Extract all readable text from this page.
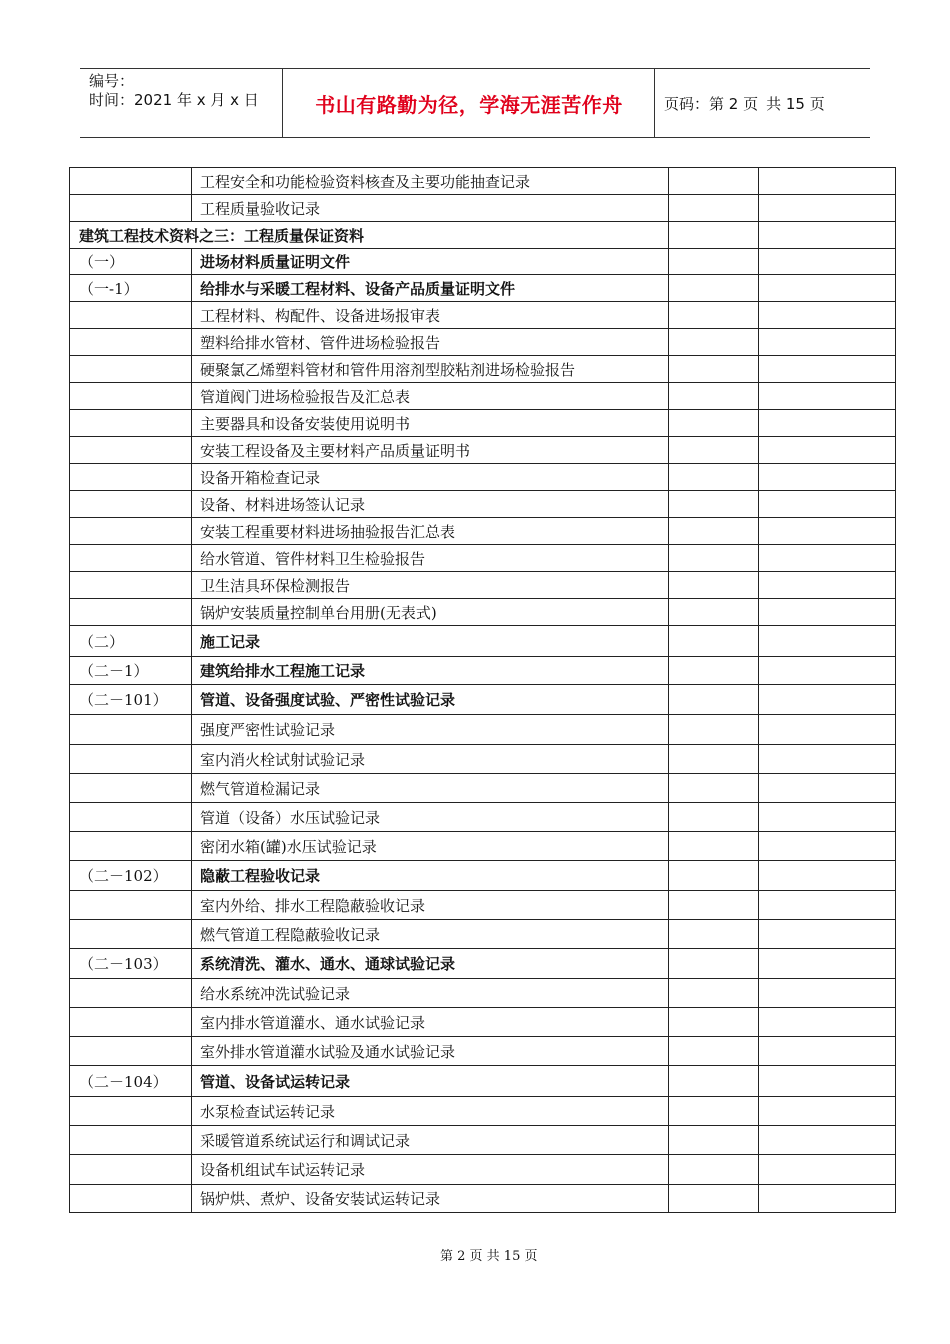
编号：
时间：2021 年 x 月 x 日	书山有路勤为径，学海无涯苦作舟	页码：第 2 页 共 15 页
	工程安全和功能检验资料核查及主要功能抽查记录		
	工程质量验收记录		
建筑工程技术资料之三：工程质量保证资料			
（一）	进场材料质量证明文件		
（一-1）	给排水与采暖工程材料、设备产品质量证明文件		
	工程材料、构配件、设备进场报审表		
	塑料给排水管材、管件进场检验报告		
	硬聚氯乙烯塑料管材和管件用溶剂型胶粘剂进场检验报告		
	管道阀门进场检验报告及汇总表		
	主要器具和设备安装使用说明书		
	安装工程设备及主要材料产品质量证明书		
	设备开箱检查记录		
	设备、材料进场签认记录		
	安装工程重要材料进场抽验报告汇总表		
	给水管道、管件材料卫生检验报告		
	卫生洁具环保检测报告		
	锅炉安装质量控制单台用册(无表式)		
（二）	施工记录		
（二－1）	建筑给排水工程施工记录		
（二－101）	管道、设备强度试验、严密性试验记录		
	强度严密性试验记录		
	室内消火栓试射试验记录		
	燃气管道检漏记录		
	管道（设备）水压试验记录		
	密闭水箱(罐)水压试验记录		
（二－102）	隐蔽工程验收记录		
	室内外给、排水工程隐蔽验收记录		
	燃气管道工程隐蔽验收记录		
（二－103）	系统清洗、灌水、通水、通球试验记录		
	给水系统冲洗试验记录		
	室内排水管道灌水、通水试验记录		
	室外排水管道灌水试验及通水试验记录		
（二－104）	管道、设备试运转记录		
	水泵检查试运转记录		
	采暖管道系统试运行和调试记录		
	设备机组试车试运转记录		
	锅炉烘、煮炉、设备安装试运转记录		
第 2 页 共 15 页
